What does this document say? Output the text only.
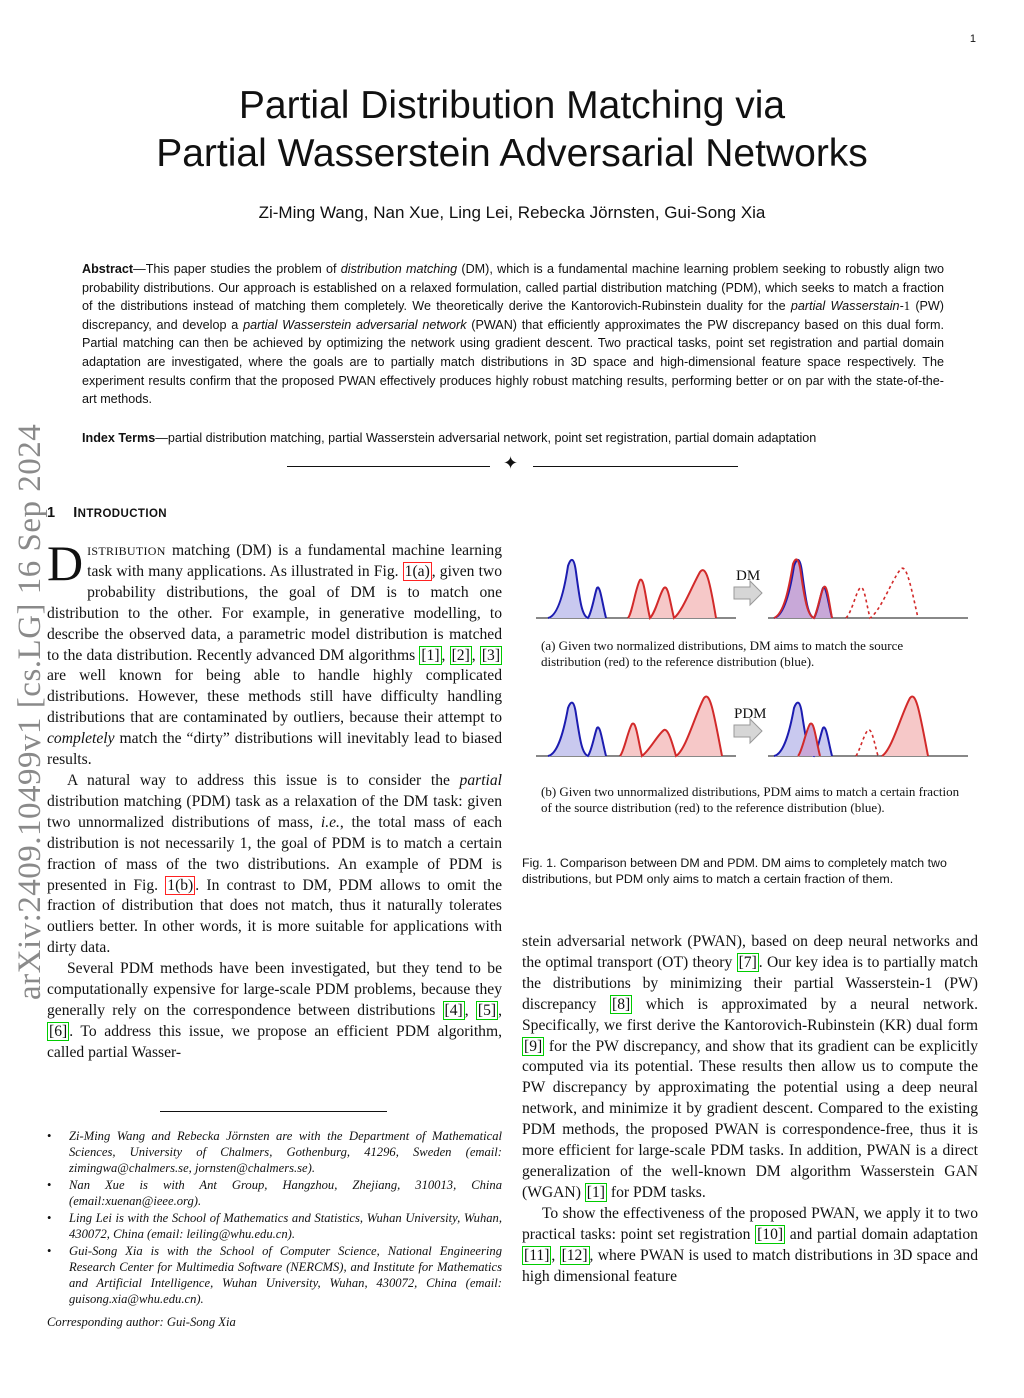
1
Partial Distribution Matching via
Partial Wasserstein Adversarial Networks
Zi-Ming Wang, Nan Xue, Ling Lei, Rebecka Jörnsten, Gui-Song Xia
Abstract—This paper studies the problem of distribution matching (DM), which is a fundamental machine learning problem seeking to robustly align two probability distributions. Our approach is established on a relaxed formulation, called partial distribution matching (PDM), which seeks to match a fraction of the distributions instead of matching them completely. We theoretically derive the Kantorovich-Rubinstein duality for the partial Wasserstain-1 (PW) discrepancy, and develop a partial Wasserstein adversarial network (PWAN) that efficiently approximates the PW discrepancy based on this dual form. Partial matching can then be achieved by optimizing the network using gradient descent. Two practical tasks, point set registration and partial domain adaptation are investigated, where the goals are to partially match distributions in 3D space and high-dimensional feature space respectively. The experiment results confirm that the proposed PWAN effectively produces highly robust matching results, performing better or on par with the state-of-the-art methods.
Index Terms—partial distribution matching, partial Wasserstein adversarial network, point set registration, partial domain adaptation
✦
arXiv:2409.10499v1 [cs.LG] 16 Sep 2024 1 INTRODUCTION

DISTRIBUTION matching (DM) is a fundamental machine learning task with many applications. As illustrated in Fig. 1(a) , given two probability distributions, the goal of DM is to match one distribution to the other. For example, in generative modelling, to describe the observed data, a parametric model distribution is matched to the data distribution. Recently advanced DM algorithms [1] , [2] , [3] are well known for being able to handle highly complicated distributions. However, these methods still have difficulty handling distributions that are contaminated by outliers, because their attempt to completely match the “dirty” distributions will inevitably lead to biased results.

A natural way to address this issue is to consider the partial distribution matching (PDM) task as a relaxation of the DM task: given two unnormalized distributions of mass, i.e., the total mass of each distribution is not necessarily 1, the goal of PDM is to match a certain fraction of mass of the two distributions. An example of PDM is presented in Fig. 1(b) . In contrast to DM, PDM allows to omit the fraction of distribution that does not match, thus it naturally tolerates outliers better. In other words, it is more suitable for applications with dirty data.

Several PDM methods have been investigated, but they tend to be computationally expensive for large-scale PDM problems, because they generally rely on the correspondence between distributions [4] , [5] , [6] . To address this issue, we propose an efficient PDM algorithm, called partial Wasser-

• Zi-Ming Wang and Rebecka Jörnsten are with the Department of Mathematical Sciences, University of Chalmers, Gothenburg, 41296, Sweden (email: zimingwa@chalmers.se, jornsten@chalmers.se).
• Nan Xue is with Ant Group, Hangzhou, Zhejiang, 310013, China (email:xuenan@ieee.org).
• Ling Lei is with the School of Mathematics and Statistics, Wuhan University, Wuhan, 430072, China (email: leiling@whu.edu.cn).
• Gui-Song Xia is with the School of Computer Science, National Engineering Research Center for Multimedia Software (NERCMS), and Institute for Mathematics and Artificial Intelligence, Wuhan University, Wuhan, 430072, China (email: guisong.xia@whu.edu.cn).
Corresponding author: Gui-Song Xia
DM
(a) Given two normalized distributions, DM aims to match the source distribution (red) to the reference distribution (blue).
PDM
(b) Given two unnormalized distributions, PDM aims to match a certain fraction of the source distribution (red) to the reference distribution (blue).
Fig. 1. Comparison between DM and PDM. DM aims to completely match two distributions, but PDM only aims to match a certain fraction of them.

stein adversarial network (PWAN), based on deep neural networks and the optimal transport (OT) theory [7] . Our key idea is to partially match the distributions by minimizing their partial Wasserstein-1 (PW) discrepancy [8] which is approximated by a neural network. Specifically, we first derive the Kantorovich-Rubinstein (KR) dual form [9] for the PW discrepancy, and show that its gradient can be explicitly computed via its potential. These results then allow us to compute the PW discrepancy by approximating the potential using a deep neural network, and minimize it by gradient descent. Compared to the existing PDM methods, the proposed PWAN is correspondence-free, thus it is more efficient for large-scale PDM tasks. In addition, PWAN is a direct generalization of the well-known DM algorithm Wasserstein GAN (WGAN) [1] for PDM tasks.

To show the effectiveness of the proposed PWAN, we apply it to two practical tasks: point set registration [10] and partial domain adaptation [11] , [12] , where PWAN is used to match distributions in 3D space and high dimensional feature
